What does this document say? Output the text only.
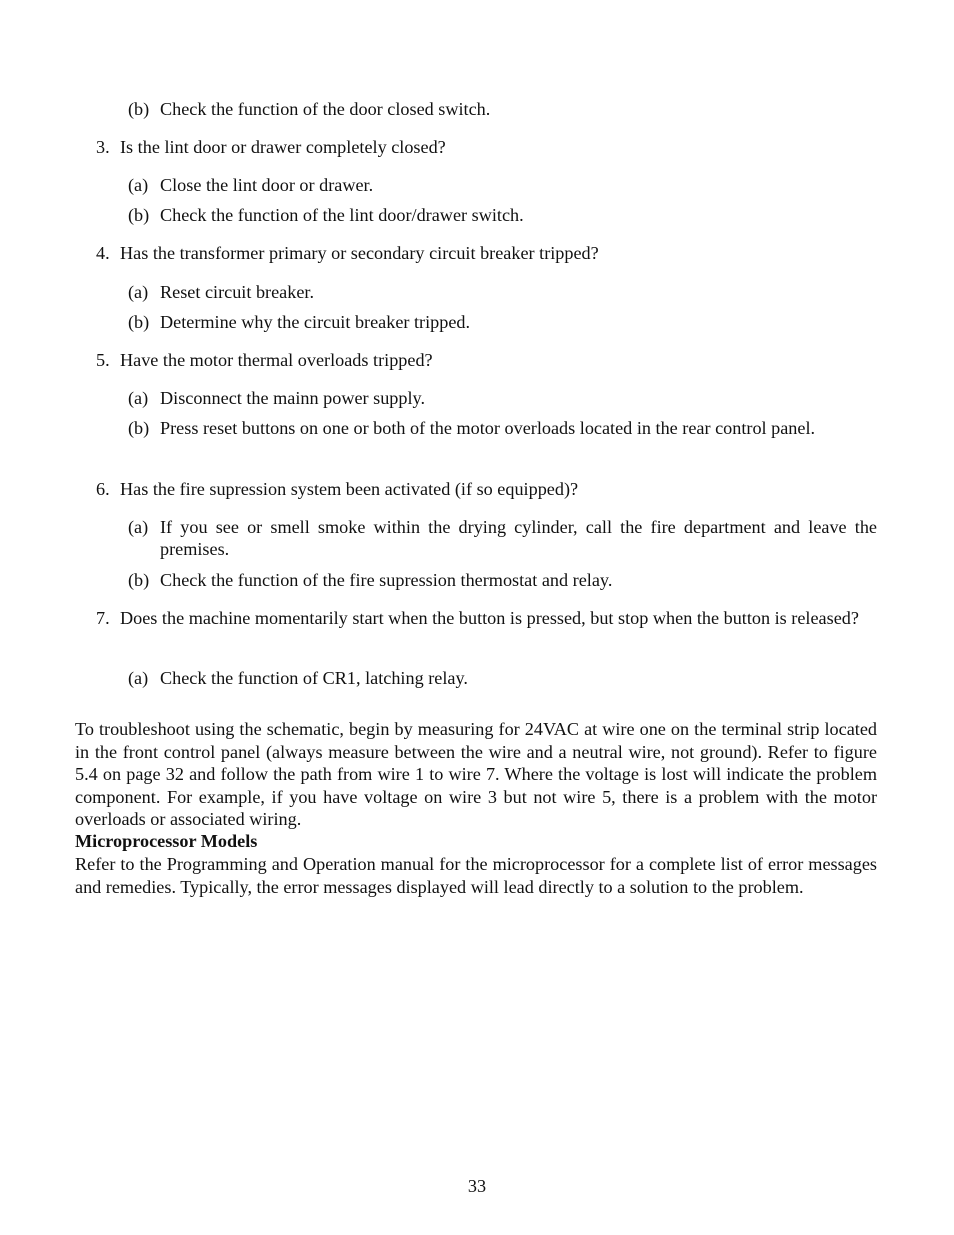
(b) Check the function of the door closed switch.
3. Is the lint door or drawer completely closed?
(a) Close the lint door or drawer.
(b) Check the function of the lint door/drawer switch.
4. Has the transformer primary or secondary circuit breaker tripped?
(a) Reset circuit breaker.
(b) Determine why the circuit breaker tripped.
5. Have the motor thermal overloads tripped?
(a) Disconnect the mainn power supply.
(b) Press reset buttons on one or both of the motor overloads located in the rear control panel.
6. Has the fire supression system been activated (if so equipped)?
(a) If you see or smell smoke within the drying cylinder, call the fire department and leave the premises.
(b) Check the function of the fire supression thermostat and relay.
7. Does the machine momentarily start when the button is pressed, but stop when the button is released?
(a) Check the function of CR1, latching relay.
To troubleshoot using the schematic, begin by measuring for 24VAC at wire one on the terminal strip located in the front control panel (always measure between the wire and a neutral wire, not ground). Refer to figure 5.4 on page 32 and follow the path from wire 1 to wire 7. Where the voltage is lost will indicate the problem component. For example, if you have voltage on wire 3 but not wire 5, there is a problem with the motor overloads or associated wiring.
Microprocessor Models
Refer to the Programming and Operation manual for the microprocessor for a complete list of error messages and remedies. Typically, the error messages displayed will lead directly to a solution to the problem.
33
